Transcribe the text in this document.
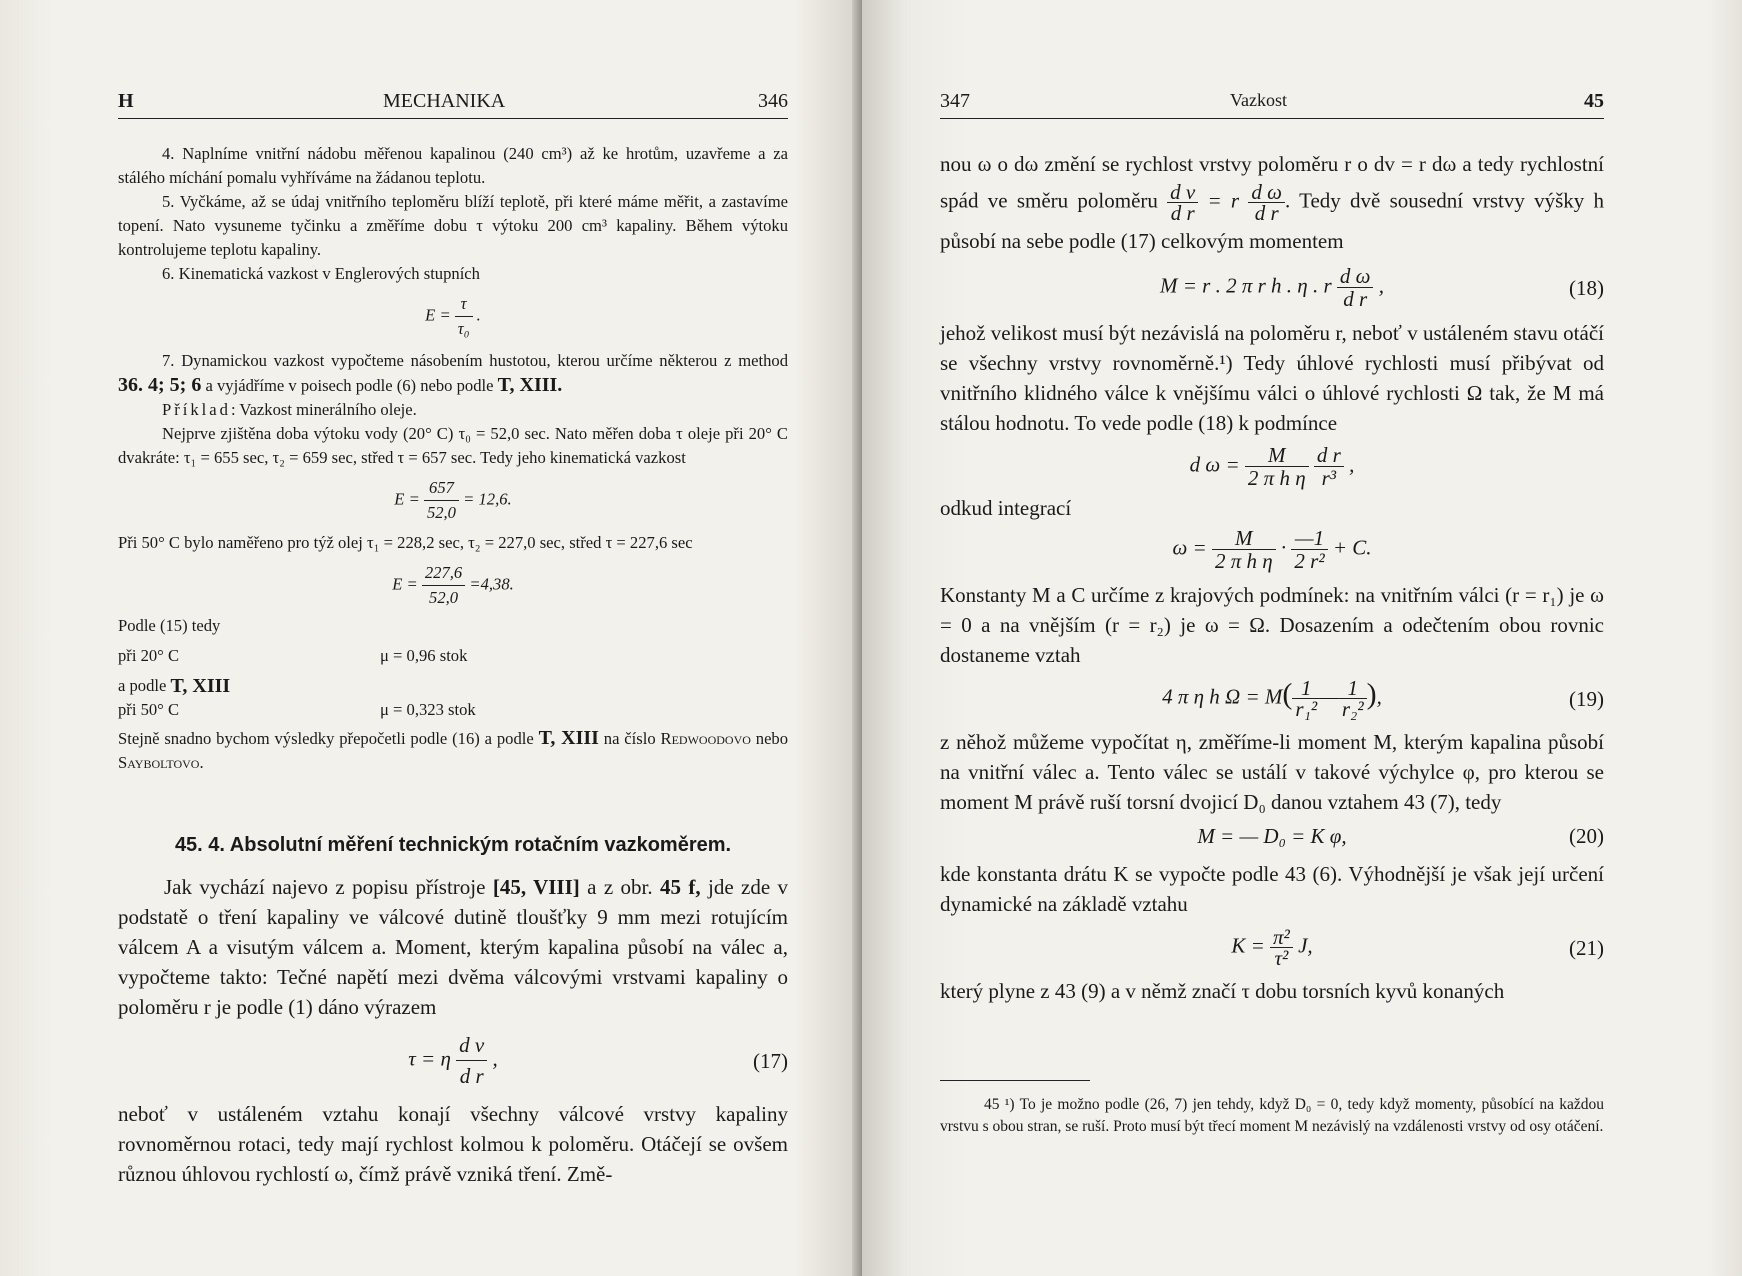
H	MECHANIKA	346

4. Naplníme vnitřní nádobu měřenou kapalinou (240 cm³) až ke hrotům, uzavřeme a za stálého míchání pomalu vyhříváme na žádanou teplotu.

5. Vyčkáme, až se údaj vnitřního teploměru blíží teplotě, při které máme měřit, a zastavíme topení. Nato vysuneme tyčinku a změříme dobu τ výtoku 200 cm³ kapaliny. Během výtoku kontrolujeme teplotu kapaliny.

6. Kinematická vazkost v Englerových stupních

$E = \frac{\tau}{\text{τ₀}}$ .

7. Dynamickou vazkost vypočteme násobením hustotou, kterou určíme některou z method 36. 4; 5; 6 a vyjádříme v poisech podle (6) nebo podle T, XIII.

Příklad: Vazkost minerálního oleje.

Nejprve zjištěna doba výtoku vody (20° C) τ₀ = 52,0 sec. Nato měřen doba τ oleje při 20° C dvakráte: τ₁ = 655 sec, τ₂ = 659 sec, střed τ = 657 sec. Tedy jeho kinematická vazkost

$E = \frac{657}{52,0} = 12,6$.

Při 50° C bylo naměřeno pro týž olej τ₁ = 228,2 sec, τ₂ = 227,0 sec, střed τ = 227,6 sec

$E = \frac{227,6}{52,0} =4,38$.
Podle (15) tedy
při 20° C	μ = 0,96 stok
a podle
T, XIII
při 50° C	μ = 0,323 stok

Stejně snadno bychom výsledky přepočetli podle (16) a podle T, XIII na číslo Redwoodovo nebo Sayboltovo.

45. 4. Absolutní měření technickým rotačním vazkoměrem.

Jak vychází najevo z popisu přístroje [45, VIII] a z obr. 45 f, jde zde v podstatě o tření kapaliny ve válcové dutině tloušťky 9 mm mezi rotujícím válcem A a visutým válcem a. Moment, kterým kapalina působí na válec a, vypočteme takto: Tečné napětí mezi dvěma válcovými vrstvami kapaliny o poloměru r je podle (1) dáno výrazem

τ = η $\frac{\text{d v}}{\text{d r}}$ ,	(17)

neboť v ustáleném vztahu konají všechny válcové vrstvy kapaliny rovnoměrnou rotaci, tedy mají rychlost kolmou k poloměru. Otáčejí se ovšem různou úhlovou rychlostí ω, čímž právě vzniká tření. Změ-

347	Vazkost	45

nou ω o dω změní se rychlost vrstvy poloměru r o dv = r dω a tedy rychlostní spád ve směru poloměru $\frac{\text{d v}}{\text{d r}} = r \frac{\text{d ω}}{\text{d r}}$ . Tedy dvě sousední vrstvy výšky h působí na sebe podle (17) celkovým momentem

M = r . 2 π r h . η . r $\frac{\text{d ω}}{\text{d r}}$ ,	(18)

jehož velikost musí být nezávislá na poloměru r, neboť v ustáleném stavu otáčí se všechny vrstvy rovnoměrně.¹) Tedy úhlové rychlosti musí přibývat od vnitřního klidného válce k vnějšímu válci o úhlové rychlosti Ω tak, že M má stálou hodnotu. To vede podle (18) k podmínce

d $\omega = \frac{M}{\text{2 π h η}}$
$\frac{\text{d r}}{\text{r³}}$ ,

odkud integrací

$\omega = \frac{M}{\text{2 π h η}} \cdot \frac{—1}{\text{2 r²}} + C$.

Konstanty M a C určíme z krajových podmínek: na vnitřním válci (r = r₁) je ω = 0 a na vnějším (r = r₂) je ω = Ω. Dosazením a odečtením obou rovnic dostaneme vztah

4 π η h $\Omega = M( \frac{1}{\text{r₁²}}$ — $\frac{1}{\text{r₂²}}$ ),	(19)

z něhož můžeme vypočítat η, změříme-li moment M, kterým kapalina působí na vnitřní válec a. Tento válec se ustálí v takové výchylce φ, pro kterou se moment M právě ruší torsní dvojicí D₀ danou vztahem 43 (7), tedy

M = — D₀ = K φ,	(20)

kde konstanta drátu K se vypočte podle 43 (6). Výhodnější je však její určení dynamické na základě vztahu

$K = \frac{\text{π²}}{\text{τ²}} J$,	(21)

který plyne z 43 (9) a v němž značí τ dobu torsních kyvů konaných

45 ¹) To je možno podle (26, 7) jen tehdy, když D₀ = 0, tedy když momenty, působící na každou vrstvu s obou stran, se ruší. Proto musí být třecí moment M nezávislý na vzdálenosti vrstvy od osy otáčení.
